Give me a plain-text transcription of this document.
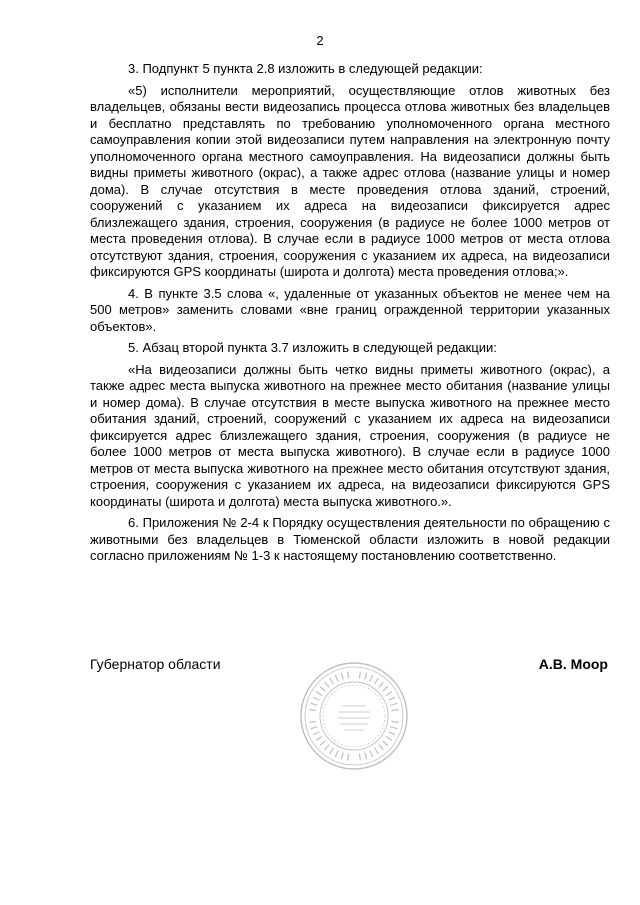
2

3. Подпункт 5 пункта 2.8 изложить в следующей редакции:

«5) исполнители мероприятий, осуществляющие отлов животных без владельцев, обязаны вести видеозапись процесса отлова животных без владельцев и бесплатно представлять по требованию уполномоченного органа местного самоуправления копии этой видеозаписи путем направления на электронную почту уполномоченного органа местного самоуправления. На видеозаписи должны быть видны приметы животного (окрас), а также адрес отлова (название улицы и номер дома). В случае отсутствия в месте проведения отлова зданий, строений, сооружений с указанием их адреса на видеозаписи фиксируется адрес близлежащего здания, строения, сооружения (в радиусе не более 1000 метров от места проведения отлова). В случае если в радиусе 1000 метров от места отлова отсутствуют здания, строения, сооружения с указанием их адреса, на видеозаписи фиксируются GPS координаты (широта и долгота) места проведения отлова;».

4. В пункте 3.5 слова «, удаленные от указанных объектов не менее чем на 500 метров» заменить словами «вне границ огражденной территории указанных объектов».

5. Абзац второй пункта 3.7 изложить в следующей редакции:

«На видеозаписи должны быть четко видны приметы животного (окрас), а также адрес места выпуска животного на прежнее место обитания (название улицы и номер дома). В случае отсутствия в месте выпуска животного на прежнее место обитания зданий, строений, сооружений с указанием их адреса на видеозаписи фиксируется адрес близлежащего здания, строения, сооружения (в радиусе не более 1000 метров от места выпуска животного). В случае если в радиусе 1000 метров от места выпуска животного на прежнее место обитания отсутствуют здания, строения, сооружения с указанием их адреса, на видеозаписи фиксируются GPS координаты (широта и долгота) места выпуска животного.».

6. Приложения № 2-4 к Порядку осуществления деятельности по обращению с животными без владельцев в Тюменской области изложить в новой редакции согласно приложениям № 1-3 к настоящему постановлению соответственно.

Губернатор области	А.В. Моор
